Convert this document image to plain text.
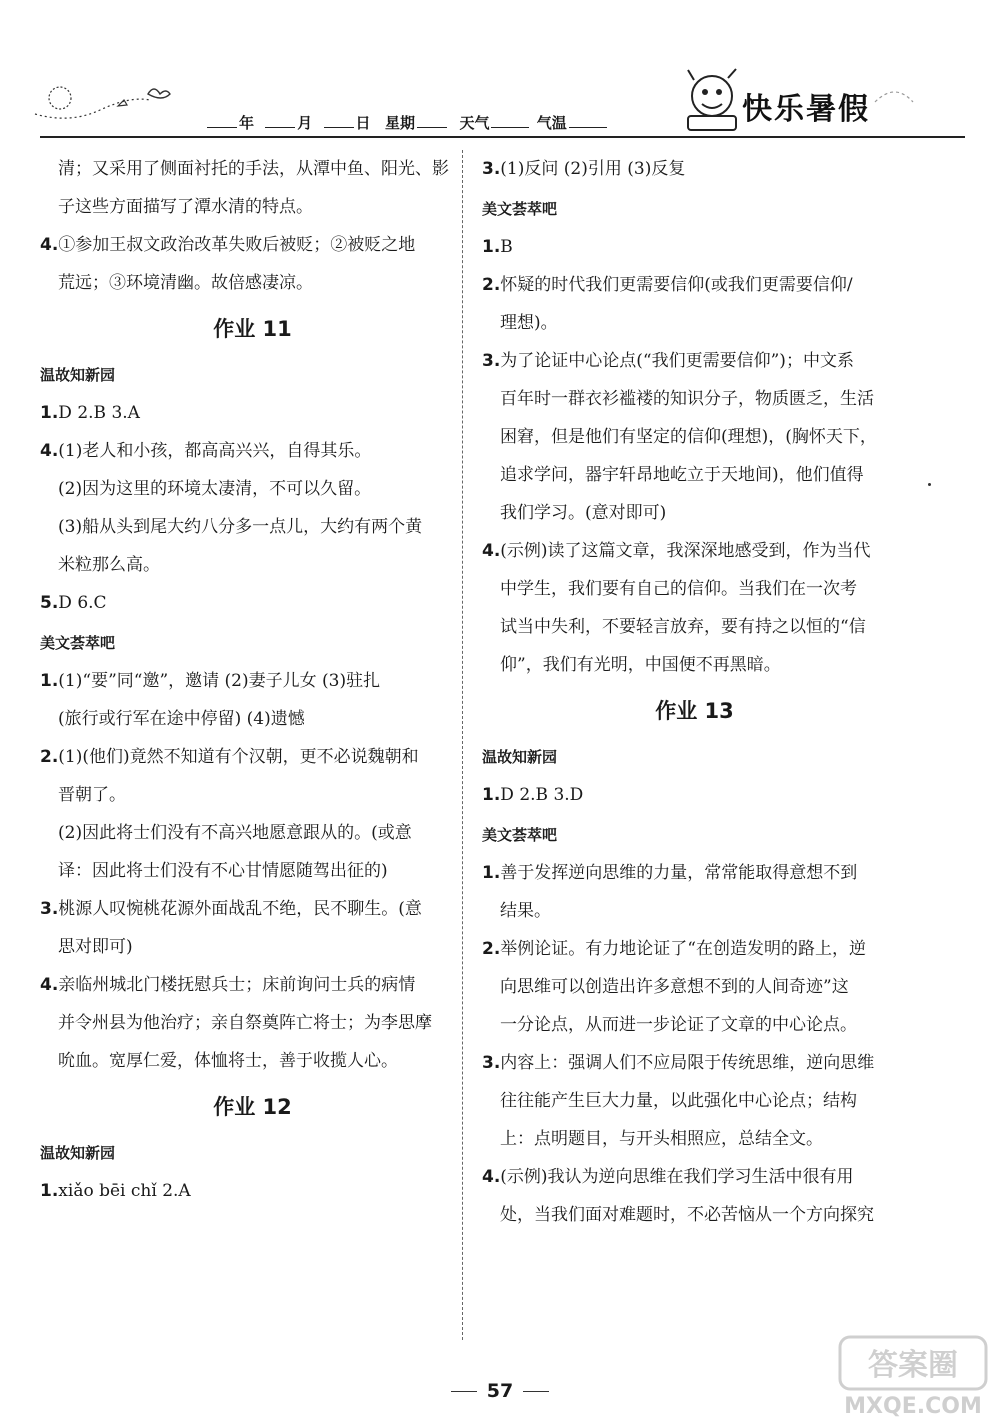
年	月	日 星期	天气	气温	快乐暑假

清；又采用了侧面衬托的手法，从潭中鱼、阳光、影

子这些方面描写了潭水清的特点。

4.①参加王叔文政治改革失败后被贬；②被贬之地

荒远；③环境清幽。故倍感凄凉。

作业 11
温故知新园

1.D 2.B 3.A

4.(1)老人和小孩，都高高兴兴，自得其乐。

(2)因为这里的环境太凄清，不可以久留。

(3)船从头到尾大约八分多一点儿，大约有两个黄

米粒那么高。

5.D 6.C

美文荟萃吧

1.(1)“要”同“邀”，邀请 (2)妻子儿女 (3)驻扎

(旅行或行军在途中停留) (4)遗憾

2.(1)(他们)竟然不知道有个汉朝，更不必说魏朝和

晋朝了。

(2)因此将士们没有不高兴地愿意跟从的。(或意

译：因此将士们没有不心甘情愿随驾出征的)

3.桃源人叹惋桃花源外面战乱不绝，民不聊生。(意

思对即可)

4.亲临州城北门楼抚慰兵士；床前询问士兵的病情

并令州县为他治疗；亲自祭奠阵亡将士；为李思摩

吮血。宽厚仁爱，体恤将士，善于收揽人心。

作业 12
温故知新园

1.xiǎo bēi chǐ 2.A

3.(1)反问 (2)引用 (3)反复

美文荟萃吧

1.B

2.怀疑的时代我们更需要信仰(或我们更需要信仰/

理想)。

3.为了论证中心论点(“我们更需要信仰”)；中文系

百年时一群衣衫褴褛的知识分子，物质匮乏，生活

困窘，但是他们有坚定的信仰(理想)，(胸怀天下，

追求学问，器宇轩昂地屹立于天地间)，他们值得

我们学习。(意对即可)

4.(示例)读了这篇文章，我深深地感受到，作为当代

中学生，我们要有自己的信仰。当我们在一次考

试当中失利，不要轻言放弃，要有持之以恒的“信

仰”，我们有光明，中国便不再黑暗。

作业 13
温故知新园

1.D 2.B 3.D

美文荟萃吧

1.善于发挥逆向思维的力量，常常能取得意想不到

结果。

2.举例论证。有力地论证了“在创造发明的路上，逆

向思维可以创造出许多意想不到的人间奇迹”这

一分论点，从而进一步论证了文章的中心论点。

3.内容上：强调人们不应局限于传统思维，逆向思维

往往能产生巨大力量，以此强化中心论点；结构

上：点明题目，与开头相照应，总结全文。

4.(示例)我认为逆向思维在我们学习生活中很有用

处，当我们面对难题时，不必苦恼从一个方向探究

57
答案圈
MXQE.COM
